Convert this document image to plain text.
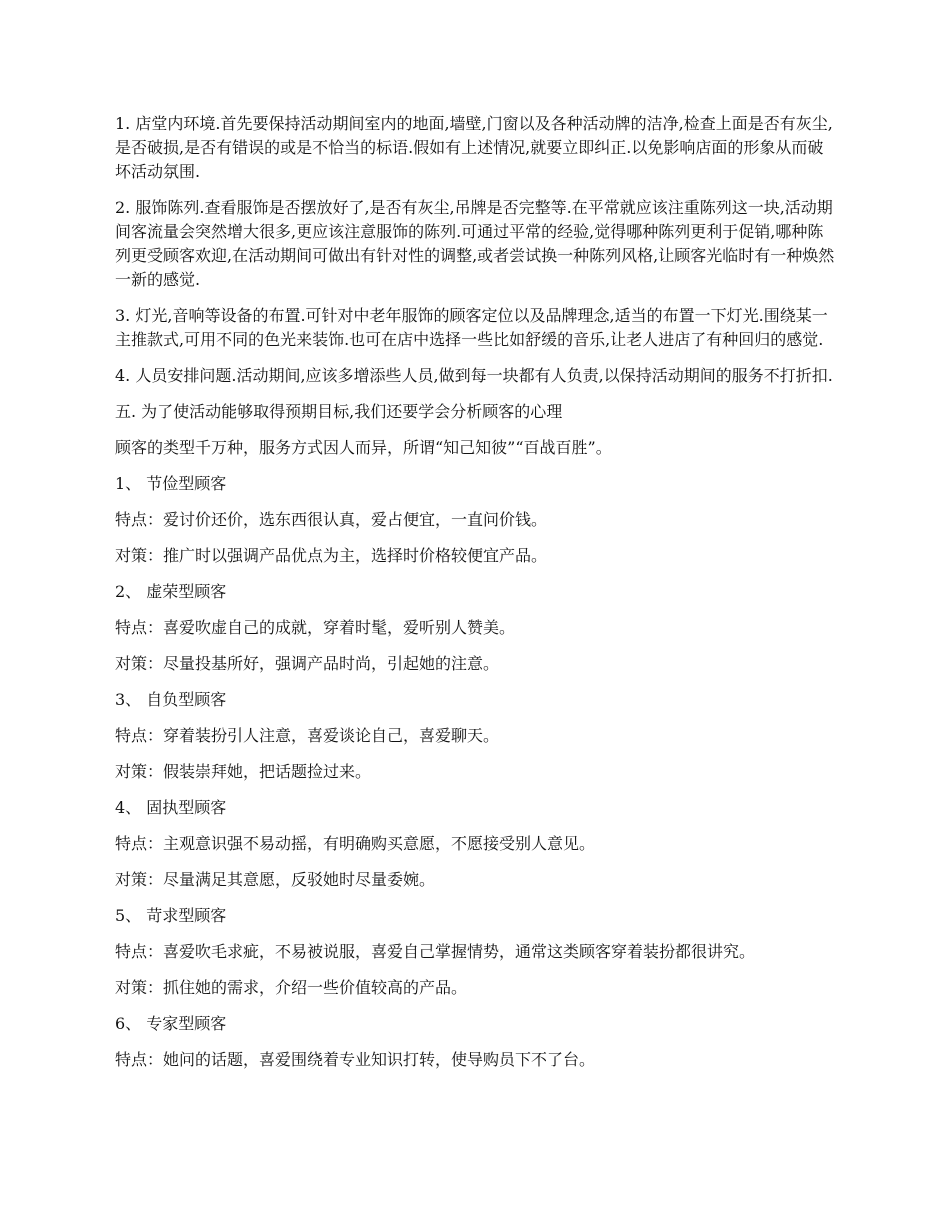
1. 店堂内环境.首先要保持活动期间室内的地面,墙壁,门窗以及各种活动牌的洁净,检查上面是否有灰尘,是否破损,是否有错误的或是不恰当的标语.假如有上述情况,就要立即纠正.以免影响店面的形象从而破坏活动氛围.

2. 服饰陈列.查看服饰是否摆放好了,是否有灰尘,吊牌是否完整等.在平常就应该注重陈列这一块,活动期间客流量会突然增大很多,更应该注意服饰的陈列.可通过平常的经验,觉得哪种陈列更利于促销,哪种陈列更受顾客欢迎,在活动期间可做出有针对性的调整,或者尝试换一种陈列风格,让顾客光临时有一种焕然一新的感觉.

3. 灯光,音响等设备的布置.可针对中老年服饰的顾客定位以及品牌理念,适当的布置一下灯光.围绕某一主推款式,可用不同的色光来装饰.也可在店中选择一些比如舒缓的音乐,让老人进店了有种回归的感觉.

4. 人员安排问题.活动期间,应该多增添些人员,做到每一块都有人负责,以保持活动期间的服务不打折扣.

五. 为了使活动能够取得预期目标,我们还要学会分析顾客的心理

顾客的类型千万种，服务方式因人而异，所谓“知己知彼”“百战百胜”。

1、 节俭型顾客

特点：爱讨价还价，选东西很认真，爱占便宜，一直问价钱。

对策：推广时以强调产品优点为主，选择时价格较便宜产品。

2、 虚荣型顾客

特点：喜爱吹虚自己的成就，穿着时髦，爱听别人赞美。

对策：尽量投基所好，强调产品时尚，引起她的注意。

3、 自负型顾客

特点：穿着装扮引人注意，喜爱谈论自己，喜爱聊天。

对策：假装崇拜她，把话题捡过来。

4、 固执型顾客

特点：主观意识强不易动摇，有明确购买意愿，不愿接受别人意见。

对策：尽量满足其意愿，反驳她时尽量委婉。

5、 苛求型顾客

特点：喜爱吹毛求疵，不易被说服，喜爱自己掌握情势，通常这类顾客穿着装扮都很讲究。

对策：抓住她的需求，介绍一些价值较高的产品。

6、 专家型顾客

特点：她问的话题，喜爱围绕着专业知识打转，使导购员下不了台。
